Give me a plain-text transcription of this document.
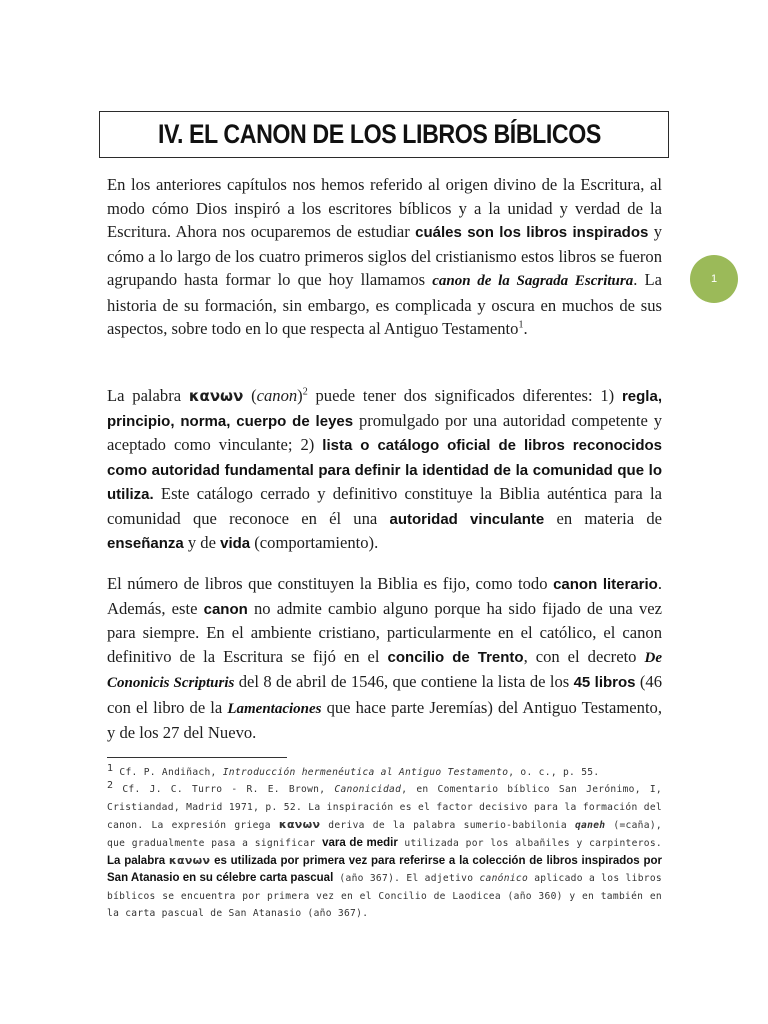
IV. EL CANON DE LOS LIBROS BÍBLICOS
1

En los anteriores capítulos nos hemos referido al origen divino de la Escritura, al modo cómo Dios inspiró a los escritores bíblicos y a la unidad y verdad de la Escritura. Ahora nos ocuparemos de estudiar cuáles son los libros inspirados y cómo a lo largo de los cuatro primeros siglos del cristianismo estos libros se fueron agrupando hasta formar lo que hoy llamamos canon de la Sagrada Escritura. La historia de su formación, sin embargo, es complicada y oscura en muchos de sus aspectos, sobre todo en lo que respecta al Antiguo Testamento$^1$.

La palabra κανων (canon)$^2$ puede tener dos significados diferentes: 1) regla, principio, norma, cuerpo de leyes promulgado por una autoridad competente y aceptado como vinculante; 2) lista o catálogo oficial de libros reconocidos como autoridad fundamental para definir la identidad de la comunidad que lo utiliza. Este catálogo cerrado y definitivo constituye la Biblia auténtica para la comunidad que reconoce en él una autoridad vinculante en materia de enseñanza y de vida (comportamiento).

El número de libros que constituyen la Biblia es fijo, como todo canon literario. Además, este canon no admite cambio alguno porque ha sido fijado de una vez para siempre. En el ambiente cristiano, particularmente en el católico, el canon definitivo de la Escritura se fijó en el concilio de Trento, con el decreto De Cononicis Scripturis del 8 de abril de 1546, que contiene la lista de los 45 libros (46 con el libro de la Lamentaciones que hace parte Jeremías) del Antiguo Testamento, y de los 27 del Nuevo.

$^1$ Cf. P. Andiñach, Introducción hermenéutica al Antiguo Testamento, o. c., p. 55.

$^2$ Cf. J. C. Turro - R. E. Brown, Canonicidad, en Comentario bíblico San Jerónimo, I, Cristiandad, Madrid 1971, p. 52. La inspiración es el factor decisivo para la formación del canon. La expresión griega κανων deriva de la palabra sumerio-babilonia qaneh (=caña), que gradualmente pasa a significar vara de medir utilizada por los albañiles y carpinteros. La palabra κανων es utilizada por primera vez para referirse a la colección de libros inspirados por San Atanasio en su célebre carta pascual (año 367). El adjetivo canónico aplicado a los libros bíblicos se encuentra por primera vez en el Concilio de Laodicea (año 360) y en también en la carta pascual de San Atanasio (año 367).
